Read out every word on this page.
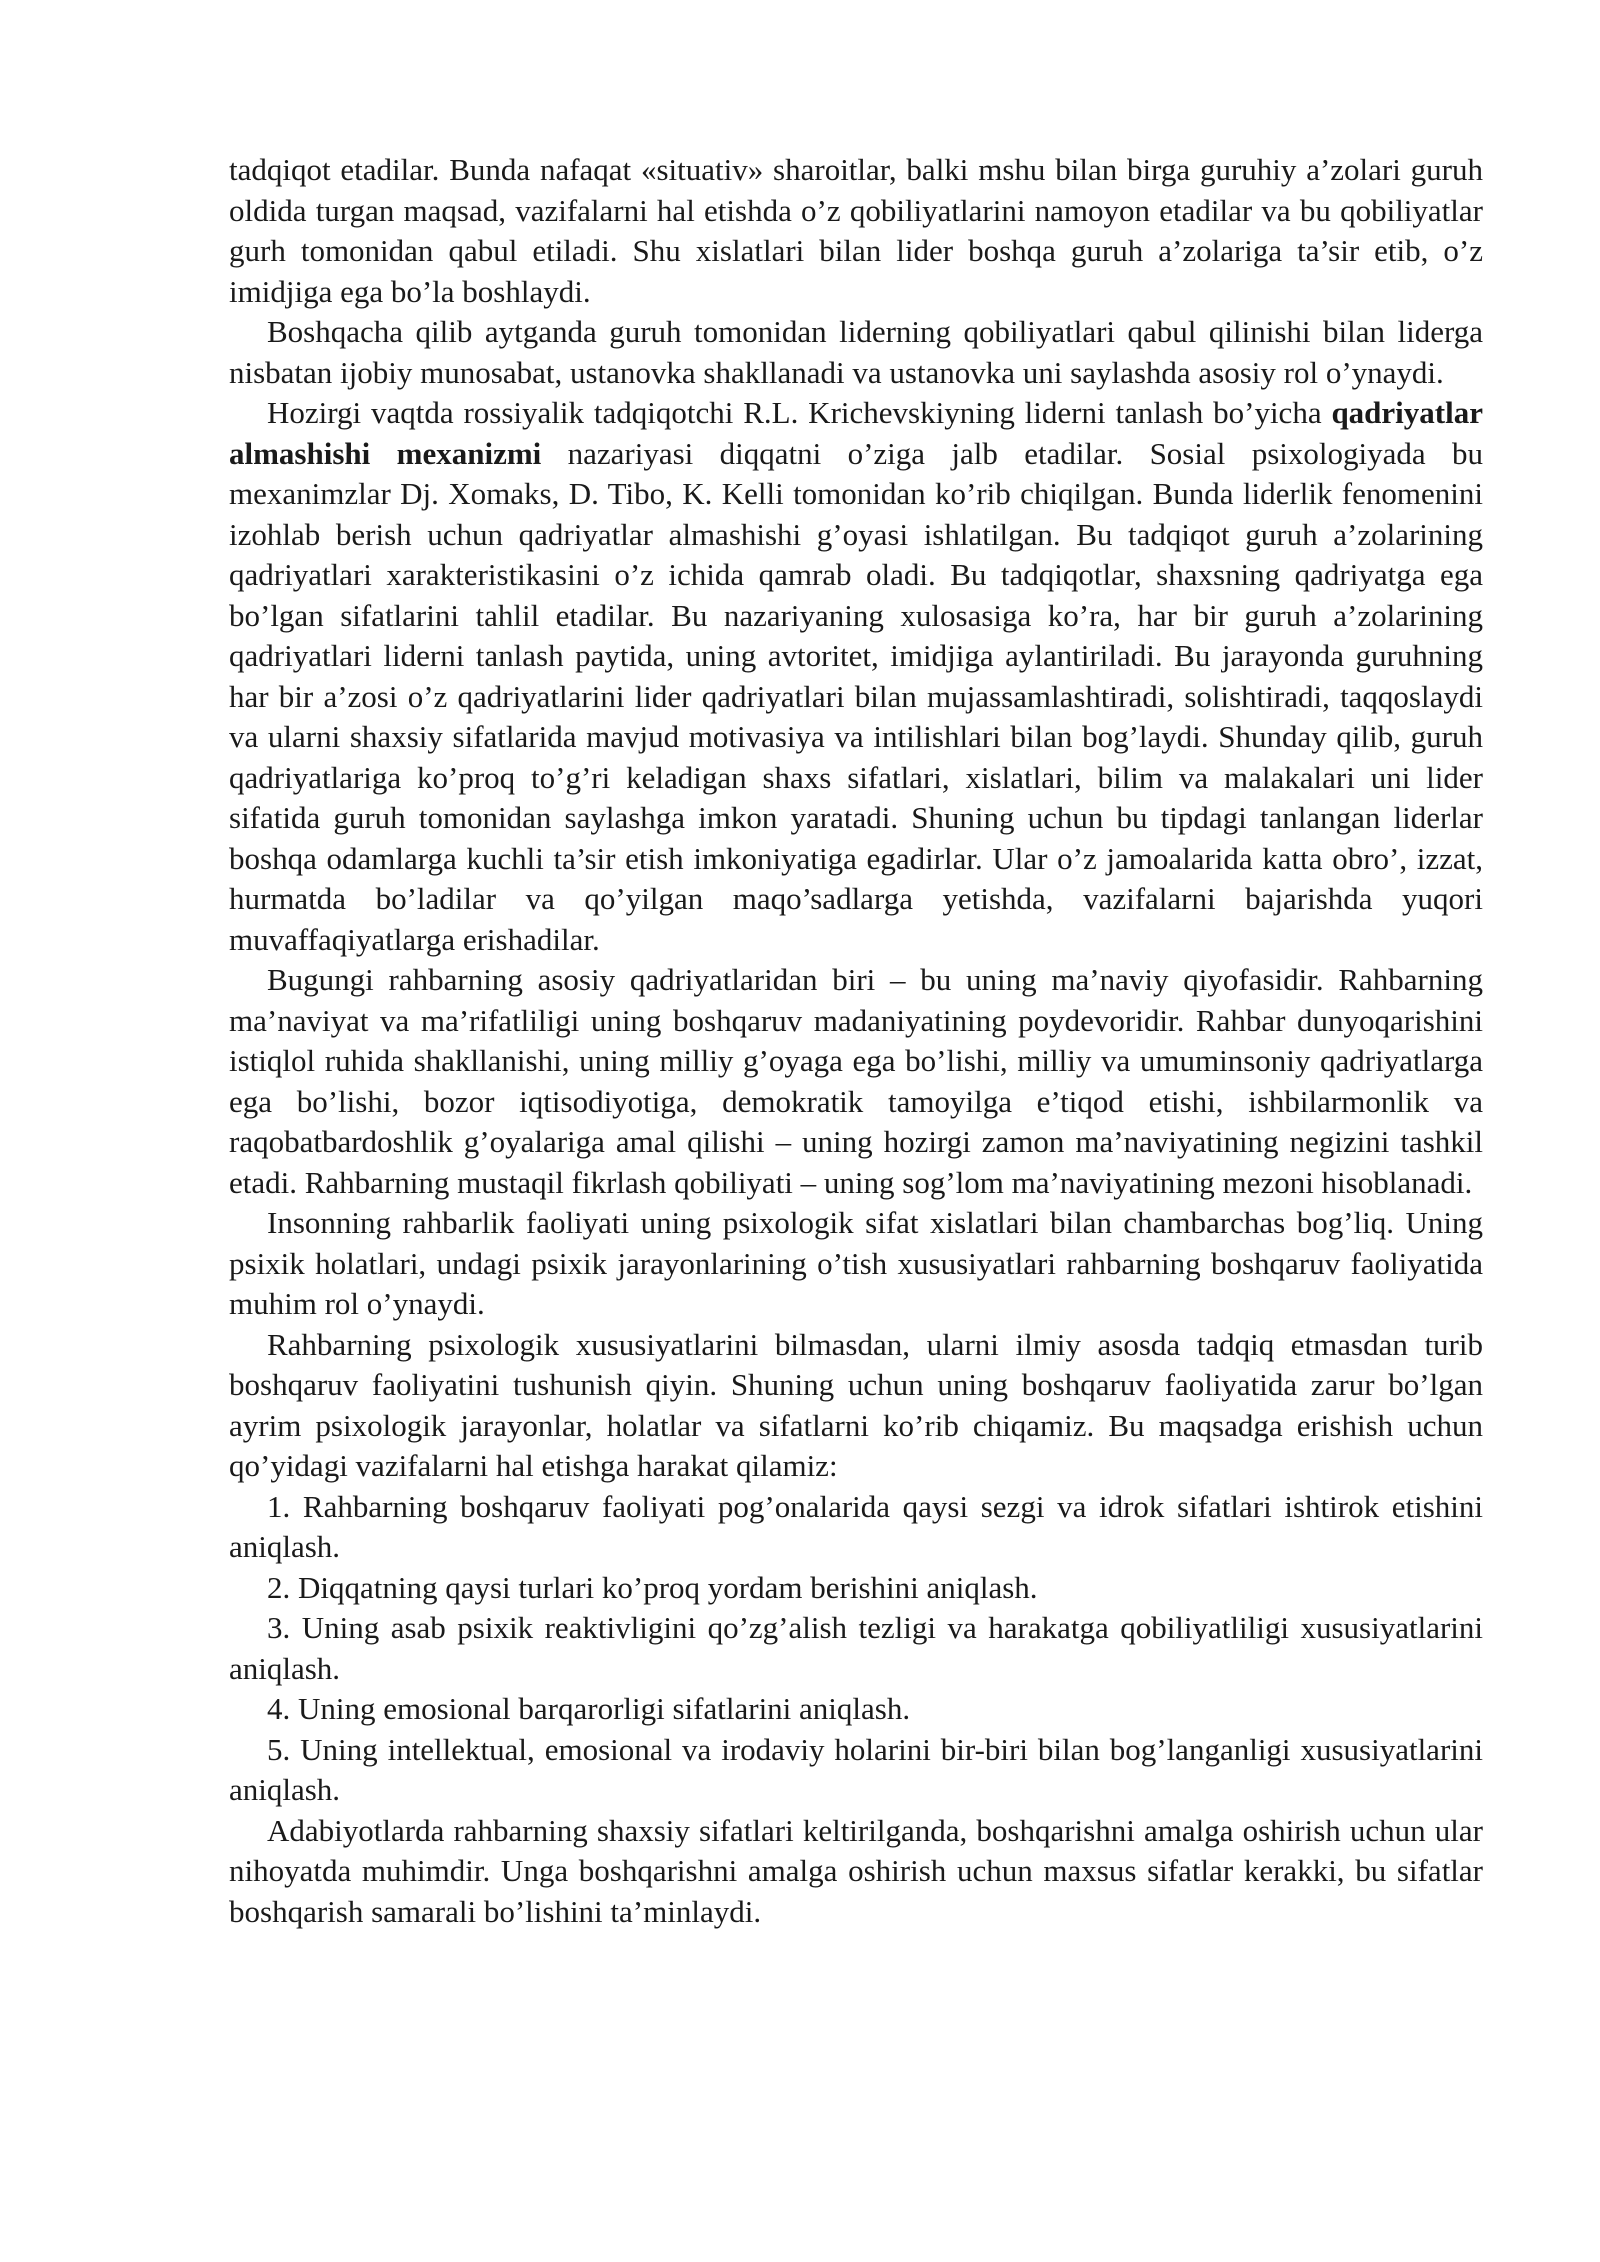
tadqiqot etadilar. Bunda nafaqat «situativ» sharoitlar, balki mshu bilan birga guruhiy a’zolari guruh oldida turgan maqsad, vazifalarni hal etishda o’z qobiliyatlarini namoyon etadilar va bu qobiliyatlar gurh tomonidan qabul etiladi. Shu xislatlari bilan lider boshqa guruh a’zolariga ta’sir etib, o’z imidjiga ega bo’la boshlaydi.

Boshqacha qilib aytganda guruh tomonidan liderning qobiliyatlari qabul qilinishi bilan liderga nisbatan ijobiy munosabat, ustanovka shakllanadi va ustanovka uni saylashda asosiy rol o’ynaydi.

Hozirgi vaqtda rossiyalik tadqiqotchi R.L. Krichevskiyning liderni tanlash bo’yicha qadriyatlar almashishi mexanizmi nazariyasi diqqatni o’ziga jalb etadilar. Sosial psixologiyada bu mexanimzlar Dj. Xomaks, D. Tibo, K. Kelli tomonidan ko’rib chiqilgan. Bunda liderlik fenomenini izohlab berish uchun qadriyatlar almashishi g’oyasi ishlatilgan. Bu tadqiqot guruh a’zolarining qadriyatlari xarakteristikasini o’z ichida qamrab oladi. Bu tadqiqotlar, shaxsning qadriyatga ega bo’lgan sifatlarini tahlil etadilar. Bu nazariyaning xulosasiga ko’ra, har bir guruh a’zolarining qadriyatlari liderni tanlash paytida, uning avtoritet, imidjiga aylantiriladi. Bu jarayonda guruhning har bir a’zosi o’z qadriyatlarini lider qadriyatlari bilan mujassamlashtiradi, solishtiradi, taqqoslaydi va ularni shaxsiy sifatlarida mavjud motivasiya va intilishlari bilan bog’laydi. Shunday qilib, guruh qadriyatlariga ko’proq to’g’ri keladigan shaxs sifatlari, xislatlari, bilim va malakalari uni lider sifatida guruh tomonidan saylashga imkon yaratadi. Shuning uchun bu tipdagi tanlangan liderlar boshqa odamlarga kuchli ta’sir etish imkoniyatiga egadirlar. Ular o’z jamoalarida katta obro’, izzat, hurmatda bo’ladilar va qo’yilgan maqo’sadlarga yetishda, vazifalarni bajarishda yuqori muvaffaqiyatlarga erishadilar.

Bugungi rahbarning asosiy qadriyatlaridan biri – bu uning ma’naviy qiyofasidir. Rahbarning ma’naviyat va ma’rifatliligi uning boshqaruv madaniyatining poydevoridir. Rahbar dunyoqarishini istiqlol ruhida shakllanishi, uning milliy g’oyaga ega bo’lishi, milliy va umuminsoniy qadriyatlarga ega bo’lishi, bozor iqtisodiyotiga, demokratik tamoyilga e’tiqod etishi, ishbilarmonlik va raqobatbardoshlik g’oyalariga amal qilishi – uning hozirgi zamon ma’naviyatining negizini tashkil etadi. Rahbarning mustaqil fikrlash qobiliyati – uning sog’lom ma’naviyatining mezoni hisoblanadi.

Insonning rahbarlik faoliyati uning psixologik sifat xislatlari bilan chambarchas bog’liq. Uning psixik holatlari, undagi psixik jarayonlarining o’tish xususiyatlari rahbarning boshqaruv faoliyatida muhim rol o’ynaydi.

Rahbarning psixologik xususiyatlarini bilmasdan, ularni ilmiy asosda tadqiq etmasdan turib boshqaruv faoliyatini tushunish qiyin. Shuning uchun uning boshqaruv faoliyatida zarur bo’lgan ayrim psixologik jarayonlar, holatlar va sifatlarni ko’rib chiqamiz. Bu maqsadga erishish uchun qo’yidagi vazifalarni hal etishga harakat qilamiz:

1. Rahbarning boshqaruv faoliyati pog’onalarida qaysi sezgi va idrok sifatlari ishtirok etishini aniqlash.

2. Diqqatning qaysi turlari ko’proq yordam berishini aniqlash.

3. Uning asab psixik reaktivligini qo’zg’alish tezligi va harakatga qobiliyatliligi xususiyatlarini aniqlash.

4. Uning emosional barqarorligi sifatlarini aniqlash.

5. Uning intellektual, emosional va irodaviy holarini bir-biri bilan bog’langanligi xususiyatlarini aniqlash.

Adabiyotlarda rahbarning shaxsiy sifatlari keltirilganda, boshqarishni amalga oshirish uchun ular nihoyatda muhimdir. Unga boshqarishni amalga oshirish uchun maxsus sifatlar kerakki, bu sifatlar boshqarish samarali bo’lishini ta’minlaydi.
